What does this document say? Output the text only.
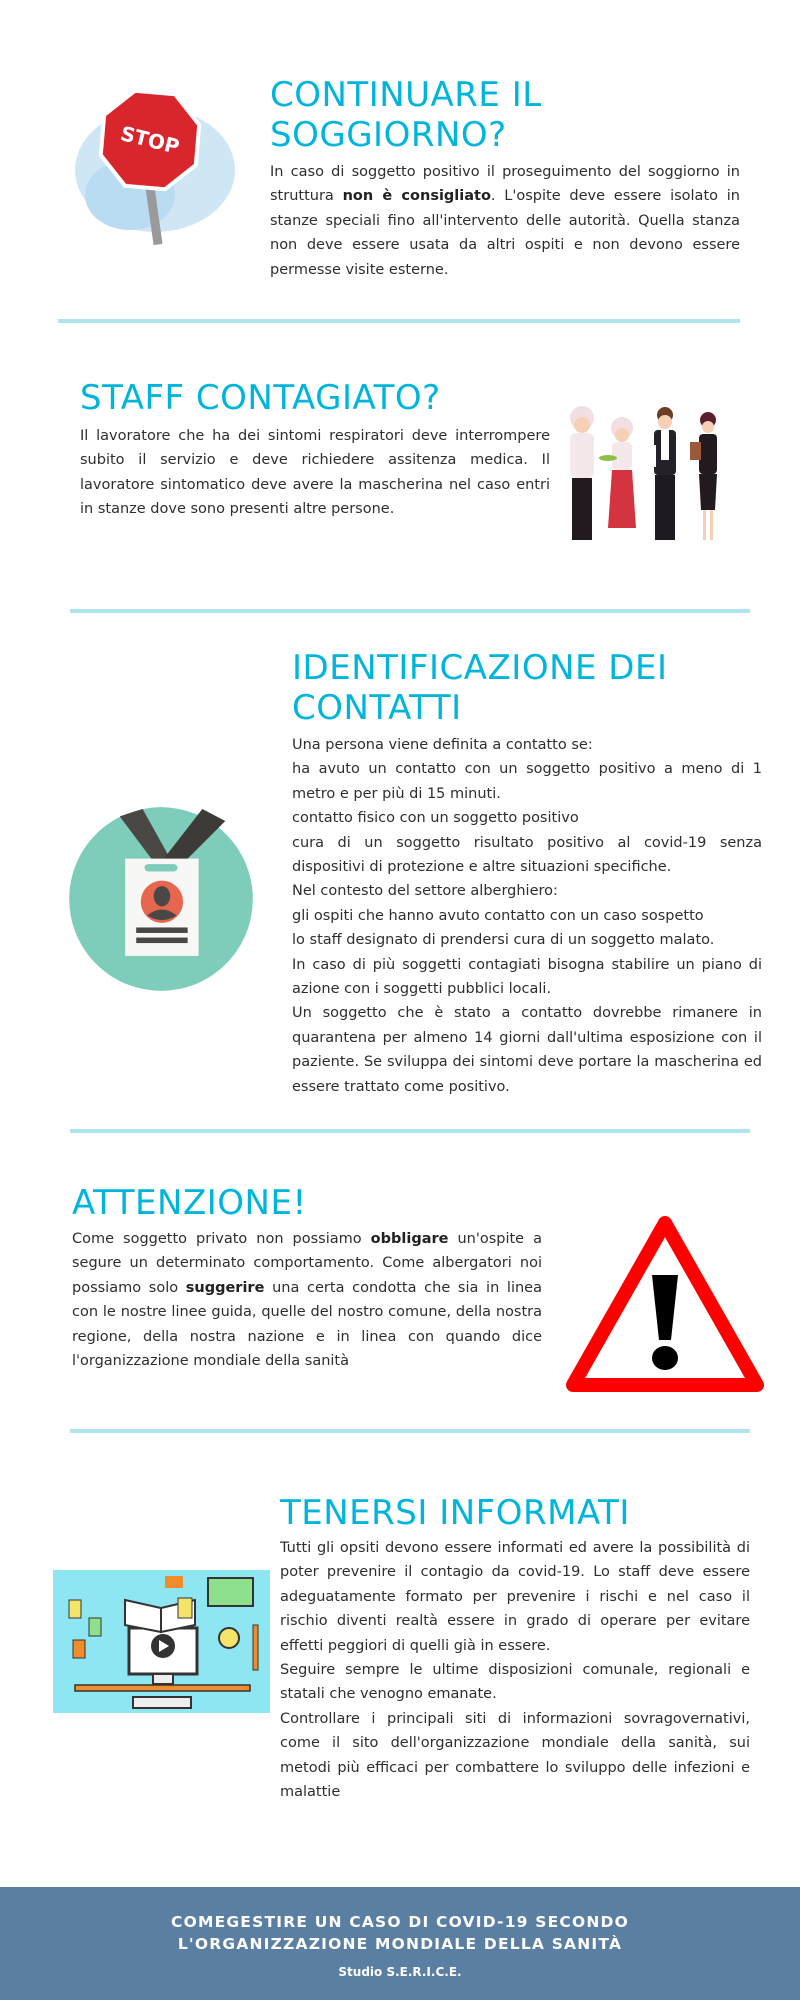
STOP
CONTINUARE IL SOGGIORNO?

In caso di soggetto positivo il proseguimento del soggiorno in struttura non è consigliato. L'ospite deve essere isolato in stanze speciali fino all'intervento delle autorità. Quella stanza non deve essere usata da altri ospiti e non devono essere permesse visite esterne.

STAFF CONTAGIATO?
Il lavoratore che ha dei sintomi respiratori deve interrompere subito il servizio e deve richiedere assitenza medica. Il lavoratore sintomatico deve avere la mascherina nel caso entri in stanze dove sono presenti altre persone.
IDENTIFICAZIONE DEI CONTATTI

Una persona viene definita a contatto se:

ha avuto un contatto con un soggetto positivo a meno di 1 metro e per più di 15 minuti.

contatto fisico con un soggetto positivo

cura di un soggetto risultato positivo al covid-19 senza dispositivi di protezione e altre situazioni specifiche.

Nel contesto del settore alberghiero:

gli ospiti che hanno avuto contatto con un caso sospetto

lo staff designato di prendersi cura di un soggetto malato.

In caso di più soggetti contagiati bisogna stabilire un piano di azione con i soggetti pubblici locali.

Un soggetto che è stato a contatto dovrebbe rimanere in quarantena per almeno 14 giorni dall'ultima esposizione con il paziente. Se sviluppa dei sintomi deve portare la mascherina ed essere trattato come positivo.

ATTENZIONE!

Come soggetto privato non possiamo obbligare un'ospite a segure un determinato comportamento. Come albergatori noi possiamo solo suggerire una certa condotta che sia in linea con le nostre linee guida, quelle del nostro comune, della nostra regione, della nostra nazione e in linea con quando dice l'organizzazione mondiale della sanità

TENERSI INFORMATI

Tutti gli opsiti devono essere informati ed avere la possibilità di poter prevenire il contagio da covid-19. Lo staff deve essere adeguatamente formato per prevenire i rischi e nel caso il rischio diventi realtà essere in grado di operare per evitare effetti peggiori di quelli già in essere.

Seguire sempre le ultime disposizioni comunale, regionali e statali che venogno emanate.

Controllare i principali siti di informazioni sovragovernativi, come il sito dell'organizzazione mondiale della sanità, sui metodi più efficaci per combattere lo sviluppo delle infezioni e malattie

COMEGESTIRE UN CASO DI COVID-19 SECONDO
L'ORGANIZZAZIONE MONDIALE DELLA SANITÀ
Studio S.E.R.I.C.E.
